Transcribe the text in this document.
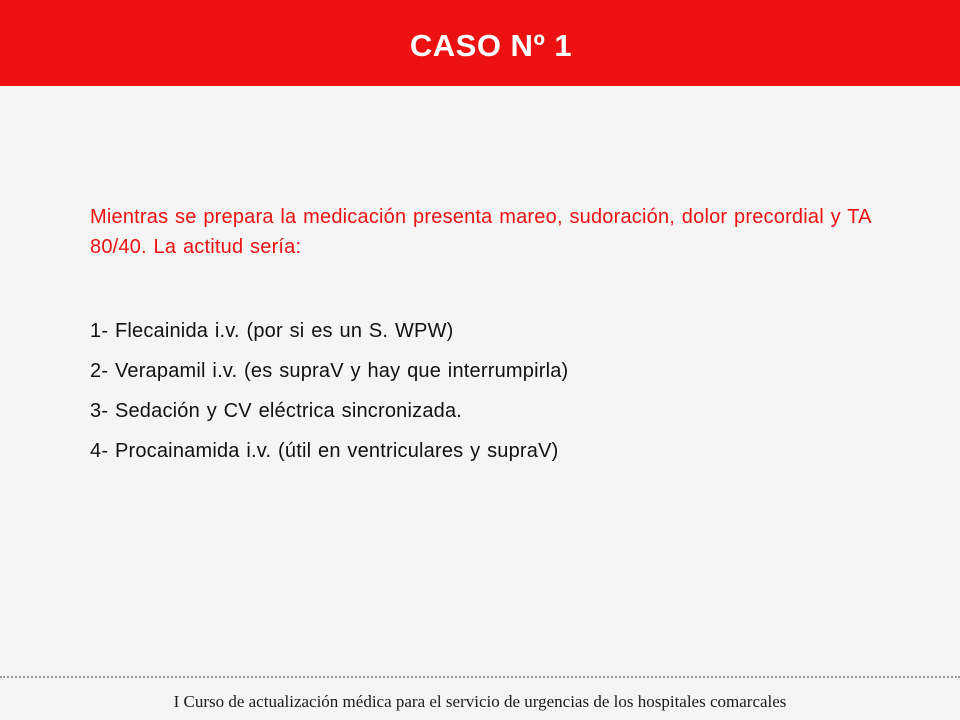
CASO Nº 1

Mientras se prepara la medicación presenta mareo, sudoración, dolor precordial y TA 80/40. La actitud sería:

1- Flecainida i.v. (por si es un S. WPW)
2- Verapamil i.v. (es supraV y hay que interrumpirla)
3- Sedación y CV eléctrica sincronizada.
4- Procainamida i.v. (útil en ventriculares y supraV)
I Curso de actualización médica para el servicio de urgencias de los hospitales comarcales
